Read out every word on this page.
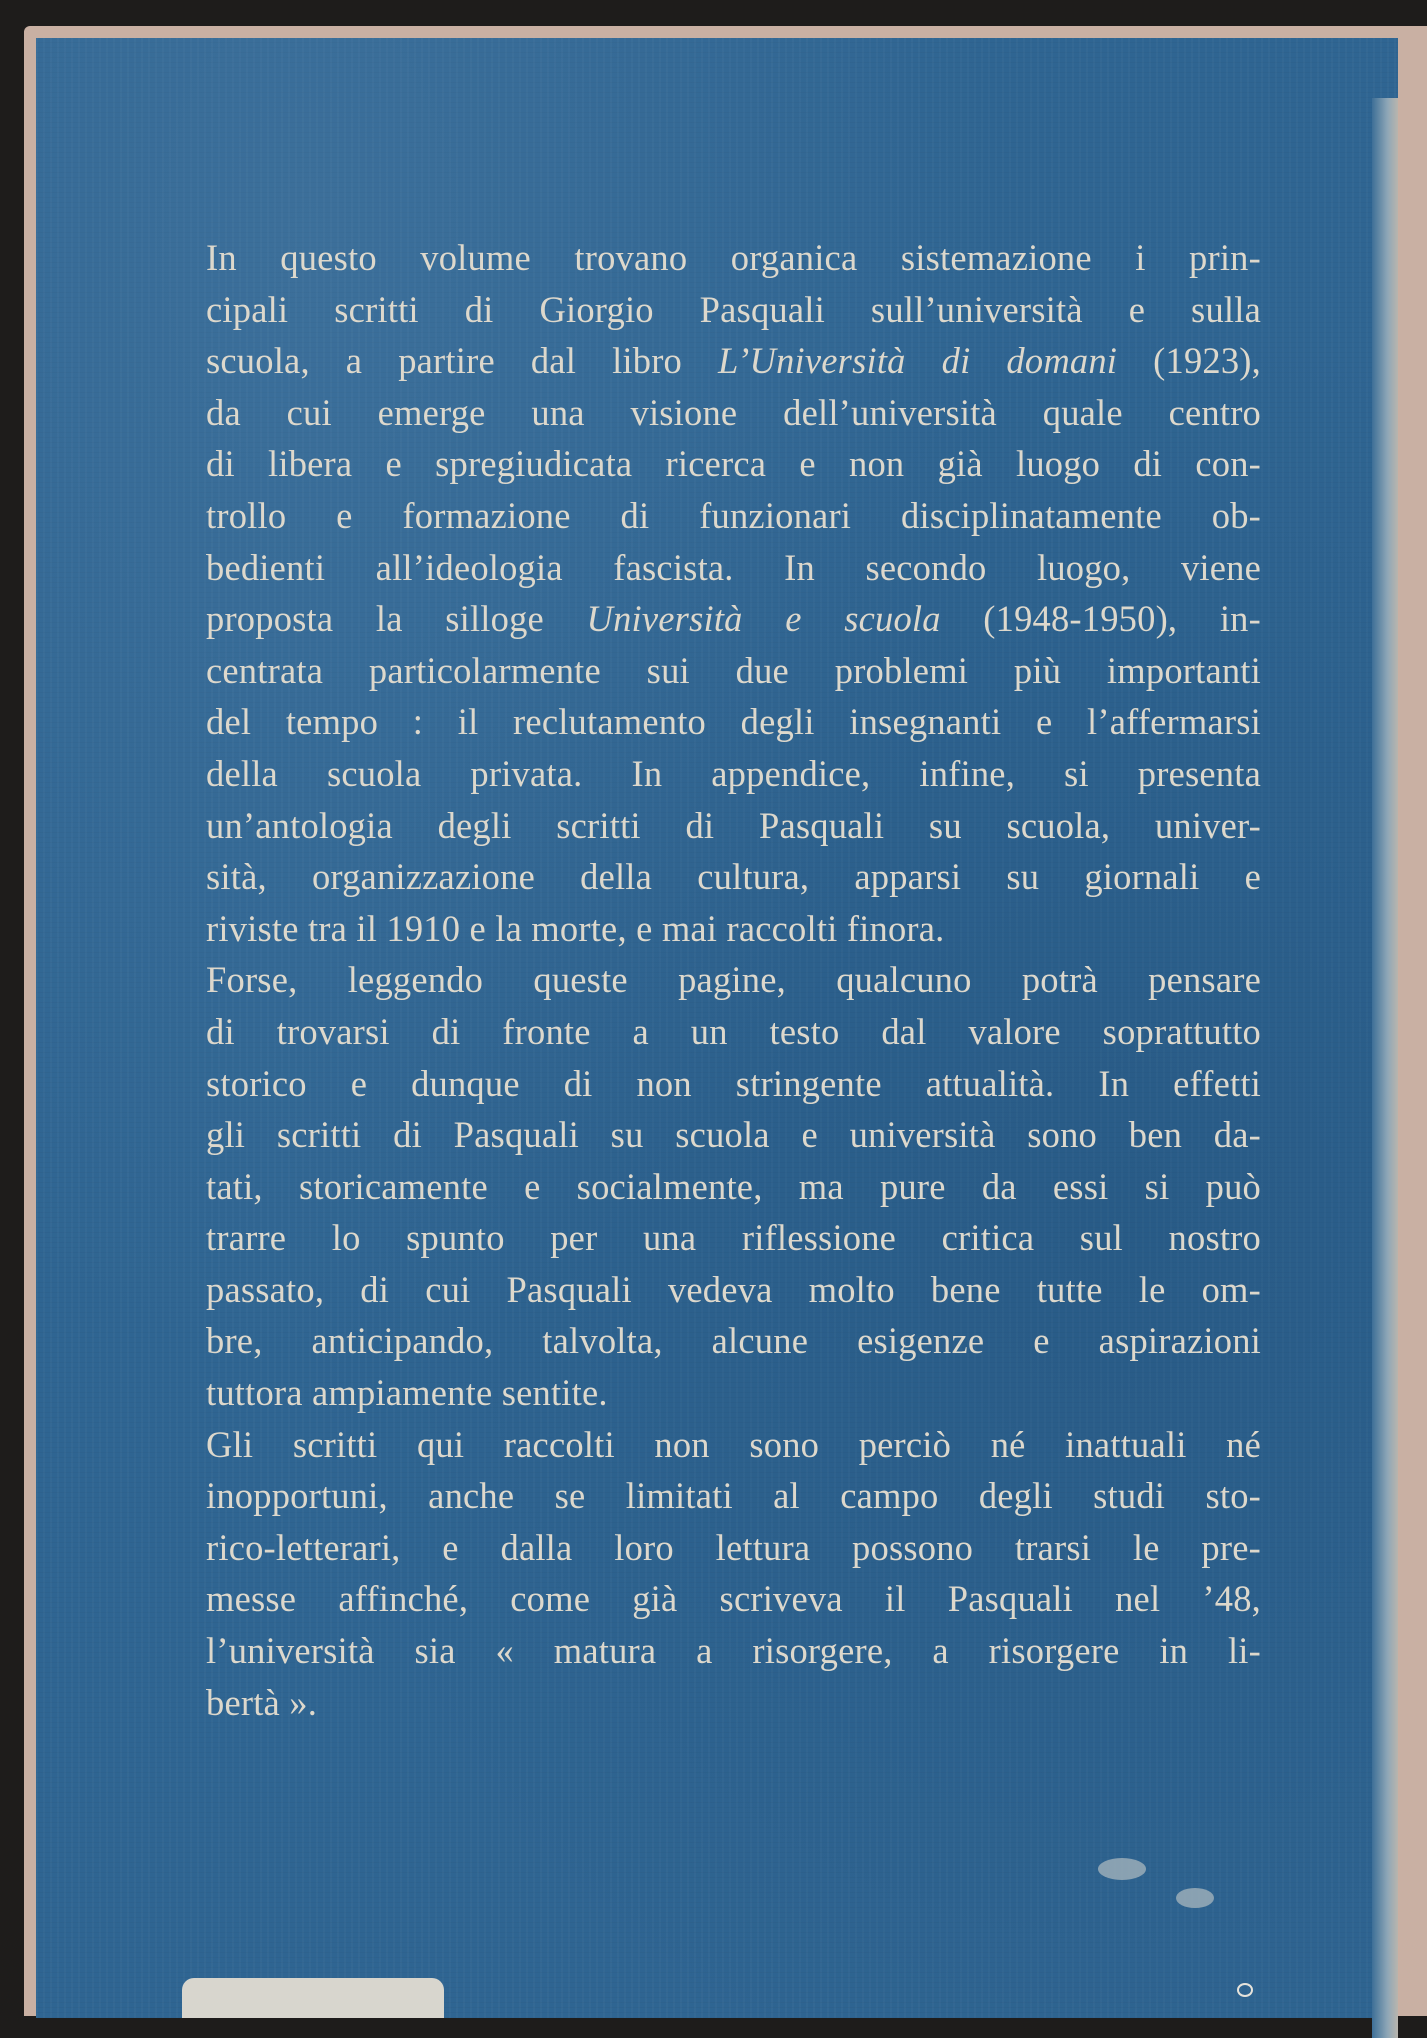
In questo volume trovano organica sistemazione i prin-
cipali scritti di Giorgio Pasquali sull’università e sulla
scuola, a partire dal libro L’Università di domani (1923),
da cui emerge una visione dell’università quale centro
di libera e spregiudicata ricerca e non già luogo di con-
trollo e formazione di funzionari disciplinatamente ob-
bedienti all’ideologia fascista. In secondo luogo, viene
proposta la silloge Università e scuola (1948-1950), in-
centrata particolarmente sui due problemi più importanti
del tempo : il reclutamento degli insegnanti e l’affermarsi
della scuola privata. In appendice, infine, si presenta
un’antologia degli scritti di Pasquali su scuola, univer-
sità, organizzazione della cultura, apparsi su giornali e
riviste tra il 1910 e la morte, e mai raccolti finora.
Forse, leggendo queste pagine, qualcuno potrà pensare
di trovarsi di fronte a un testo dal valore soprattutto
storico e dunque di non stringente attualità. In effetti
gli scritti di Pasquali su scuola e università sono ben da-
tati, storicamente e socialmente, ma pure da essi si può
trarre lo spunto per una riflessione critica sul nostro
passato, di cui Pasquali vedeva molto bene tutte le om-
bre, anticipando, talvolta, alcune esigenze e aspirazioni
tuttora ampiamente sentite.
Gli scritti qui raccolti non sono perciò né inattuali né
inopportuni, anche se limitati al campo degli studi sto-
rico-letterari, e dalla loro lettura possono trarsi le pre-
messe affinché, come già scriveva il Pasquali nel ’48,
l’università sia « matura a risorgere, a risorgere in li-
bertà ».
